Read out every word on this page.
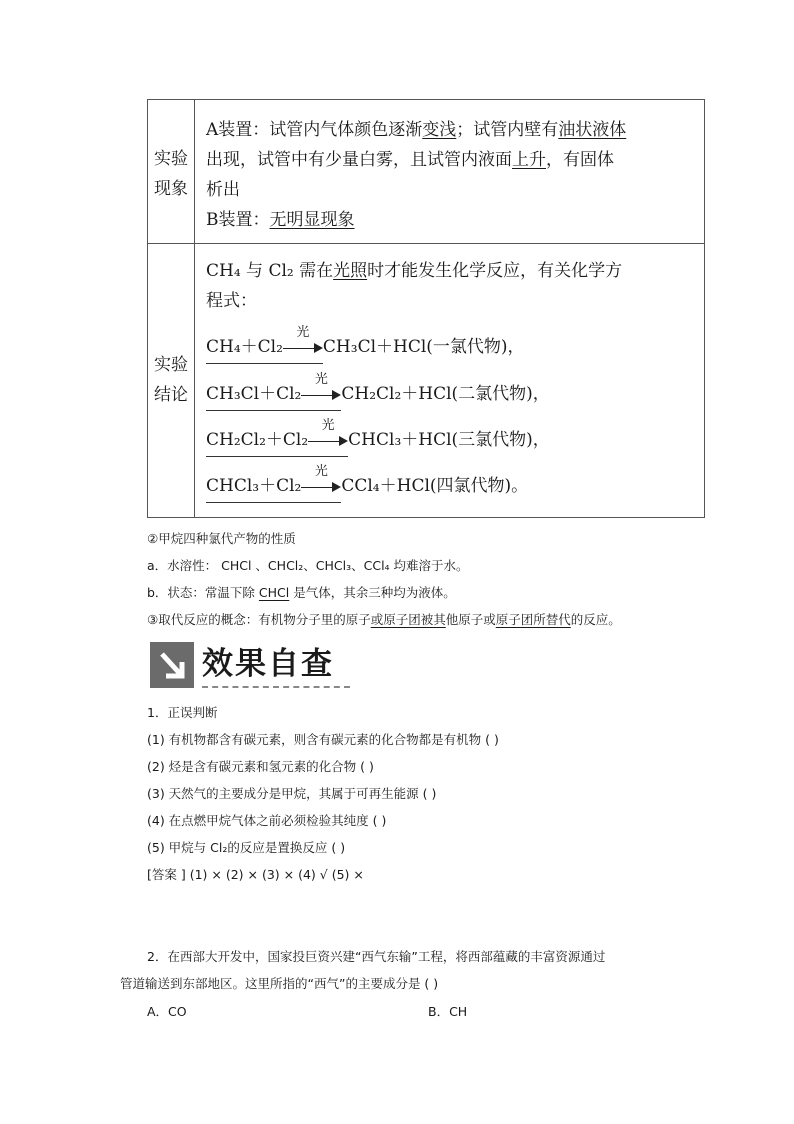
实验
现象

A装置：试管内气体颜色逐渐变浅；试管内壁有油状液体

出现，试管中有少量白雾，且试管内液面上升，有固体

析出

B装置：无明显现象

实验
结论

CH₄ 与 Cl₂ 需在光照时才能发生化学反应，有关化学方

程式：

CH₄＋Cl₂
光
CH₃Cl＋HCl(一氯代物)，
CH₃Cl＋Cl₂
光
CH₂Cl₂＋HCl(二氯代物)，
CH₂Cl₂＋Cl₂
光
CHCl₃＋HCl(三氯代物)，
CHCl₃＋Cl₂
光
CCl₄＋HCl(四氯代物)。
②甲烷四种氯代产物的性质
a．水溶性： CHCl 、CHCl₂、CHCl₃、CCl₄ 均难溶于水。
b．状态：常温下除 CHCl 是气体，其余三种均为液体。
③取代反应的概念：有机物分子里的原子或原子团被其他原子或原子团所替代的反应。
效果自查
1．正误判断
(1) 有机物都含有碳元素，则含有碳元素的化合物都是有机物 ( )
(2) 烃是含有碳元素和氢元素的化合物 ( )
(3) 天然气的主要成分是甲烷，其属于可再生能源 ( )
(4) 在点燃甲烷气体之前必须检验其纯度 ( )
(5) 甲烷与 Cl₂的反应是置换反应 ( )
[答案 ] (1) × (2) × (3) × (4) √ (5) ×
2．在西部大开发中，国家投巨资兴建“西气东输”工程，将西部蕴藏的丰富资源通过
管道输送到东部地区。这里所指的“西气”的主要成分是 ( )
A．CO	B．CH
